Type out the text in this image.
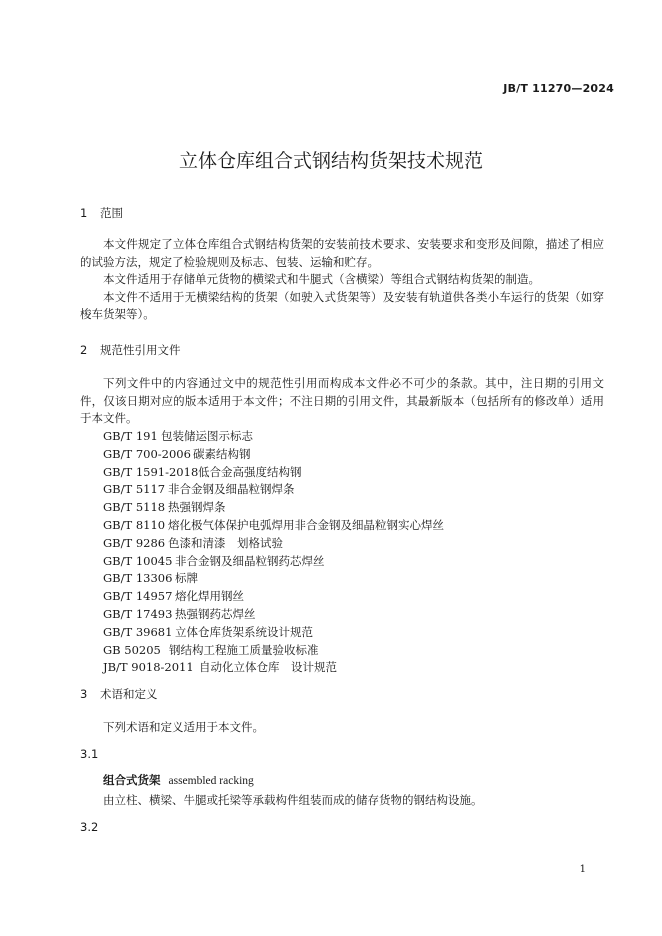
JB/T 11270—2024
立体仓库组合式钢结构货架技术规范
1 范围

本文件规定了立体仓库组合式钢结构货架的安装前技术要求、安装要求和变形及间隙，描述了相应的试验方法，规定了检验规则及标志、包装、运输和贮存。

本文件适用于存储单元货物的横梁式和牛腿式（含横梁）等组合式钢结构货架的制造。

本文件不适用于无横梁结构的货架（如驶入式货架等）及安装有轨道供各类小车运行的货架（如穿梭车货架等）。

2 规范性引用文件

下列文件中的内容通过文中的规范性引用而构成本文件必不可少的条款。其中，注日期的引用文件，仅该日期对应的版本适用于本文件；不注日期的引用文件，其最新版本（包括所有的修改单）适用于本文件。

GB/T 191 包装储运图示标志
GB/T 700-2006 碳素结构钢
GB/T 1591-2018低合金高强度结构钢
GB/T 5117 非合金钢及细晶粒钢焊条
GB/T 5118 热强钢焊条
GB/T 8110 熔化极气体保护电弧焊用非合金钢及细晶粒钢实心焊丝
GB/T 9286 色漆和清漆　划格试验
GB/T 10045 非合金钢及细晶粒钢药芯焊丝
GB/T 13306 标牌
GB/T 14957 熔化焊用钢丝
GB/T 17493 热强钢药芯焊丝
GB/T 39681 立体仓库货架系统设计规范
GB 50205 钢结构工程施工质量验收标准
JB/T 9018-2011 自动化立体仓库　设计规范
3 术语和定义
下列术语和定义适用于本文件。
3.1
组合式货架 assembled racking
由立柱、横梁、牛腿或托梁等承载构件组装而成的储存货物的钢结构设施。
3.2
1
